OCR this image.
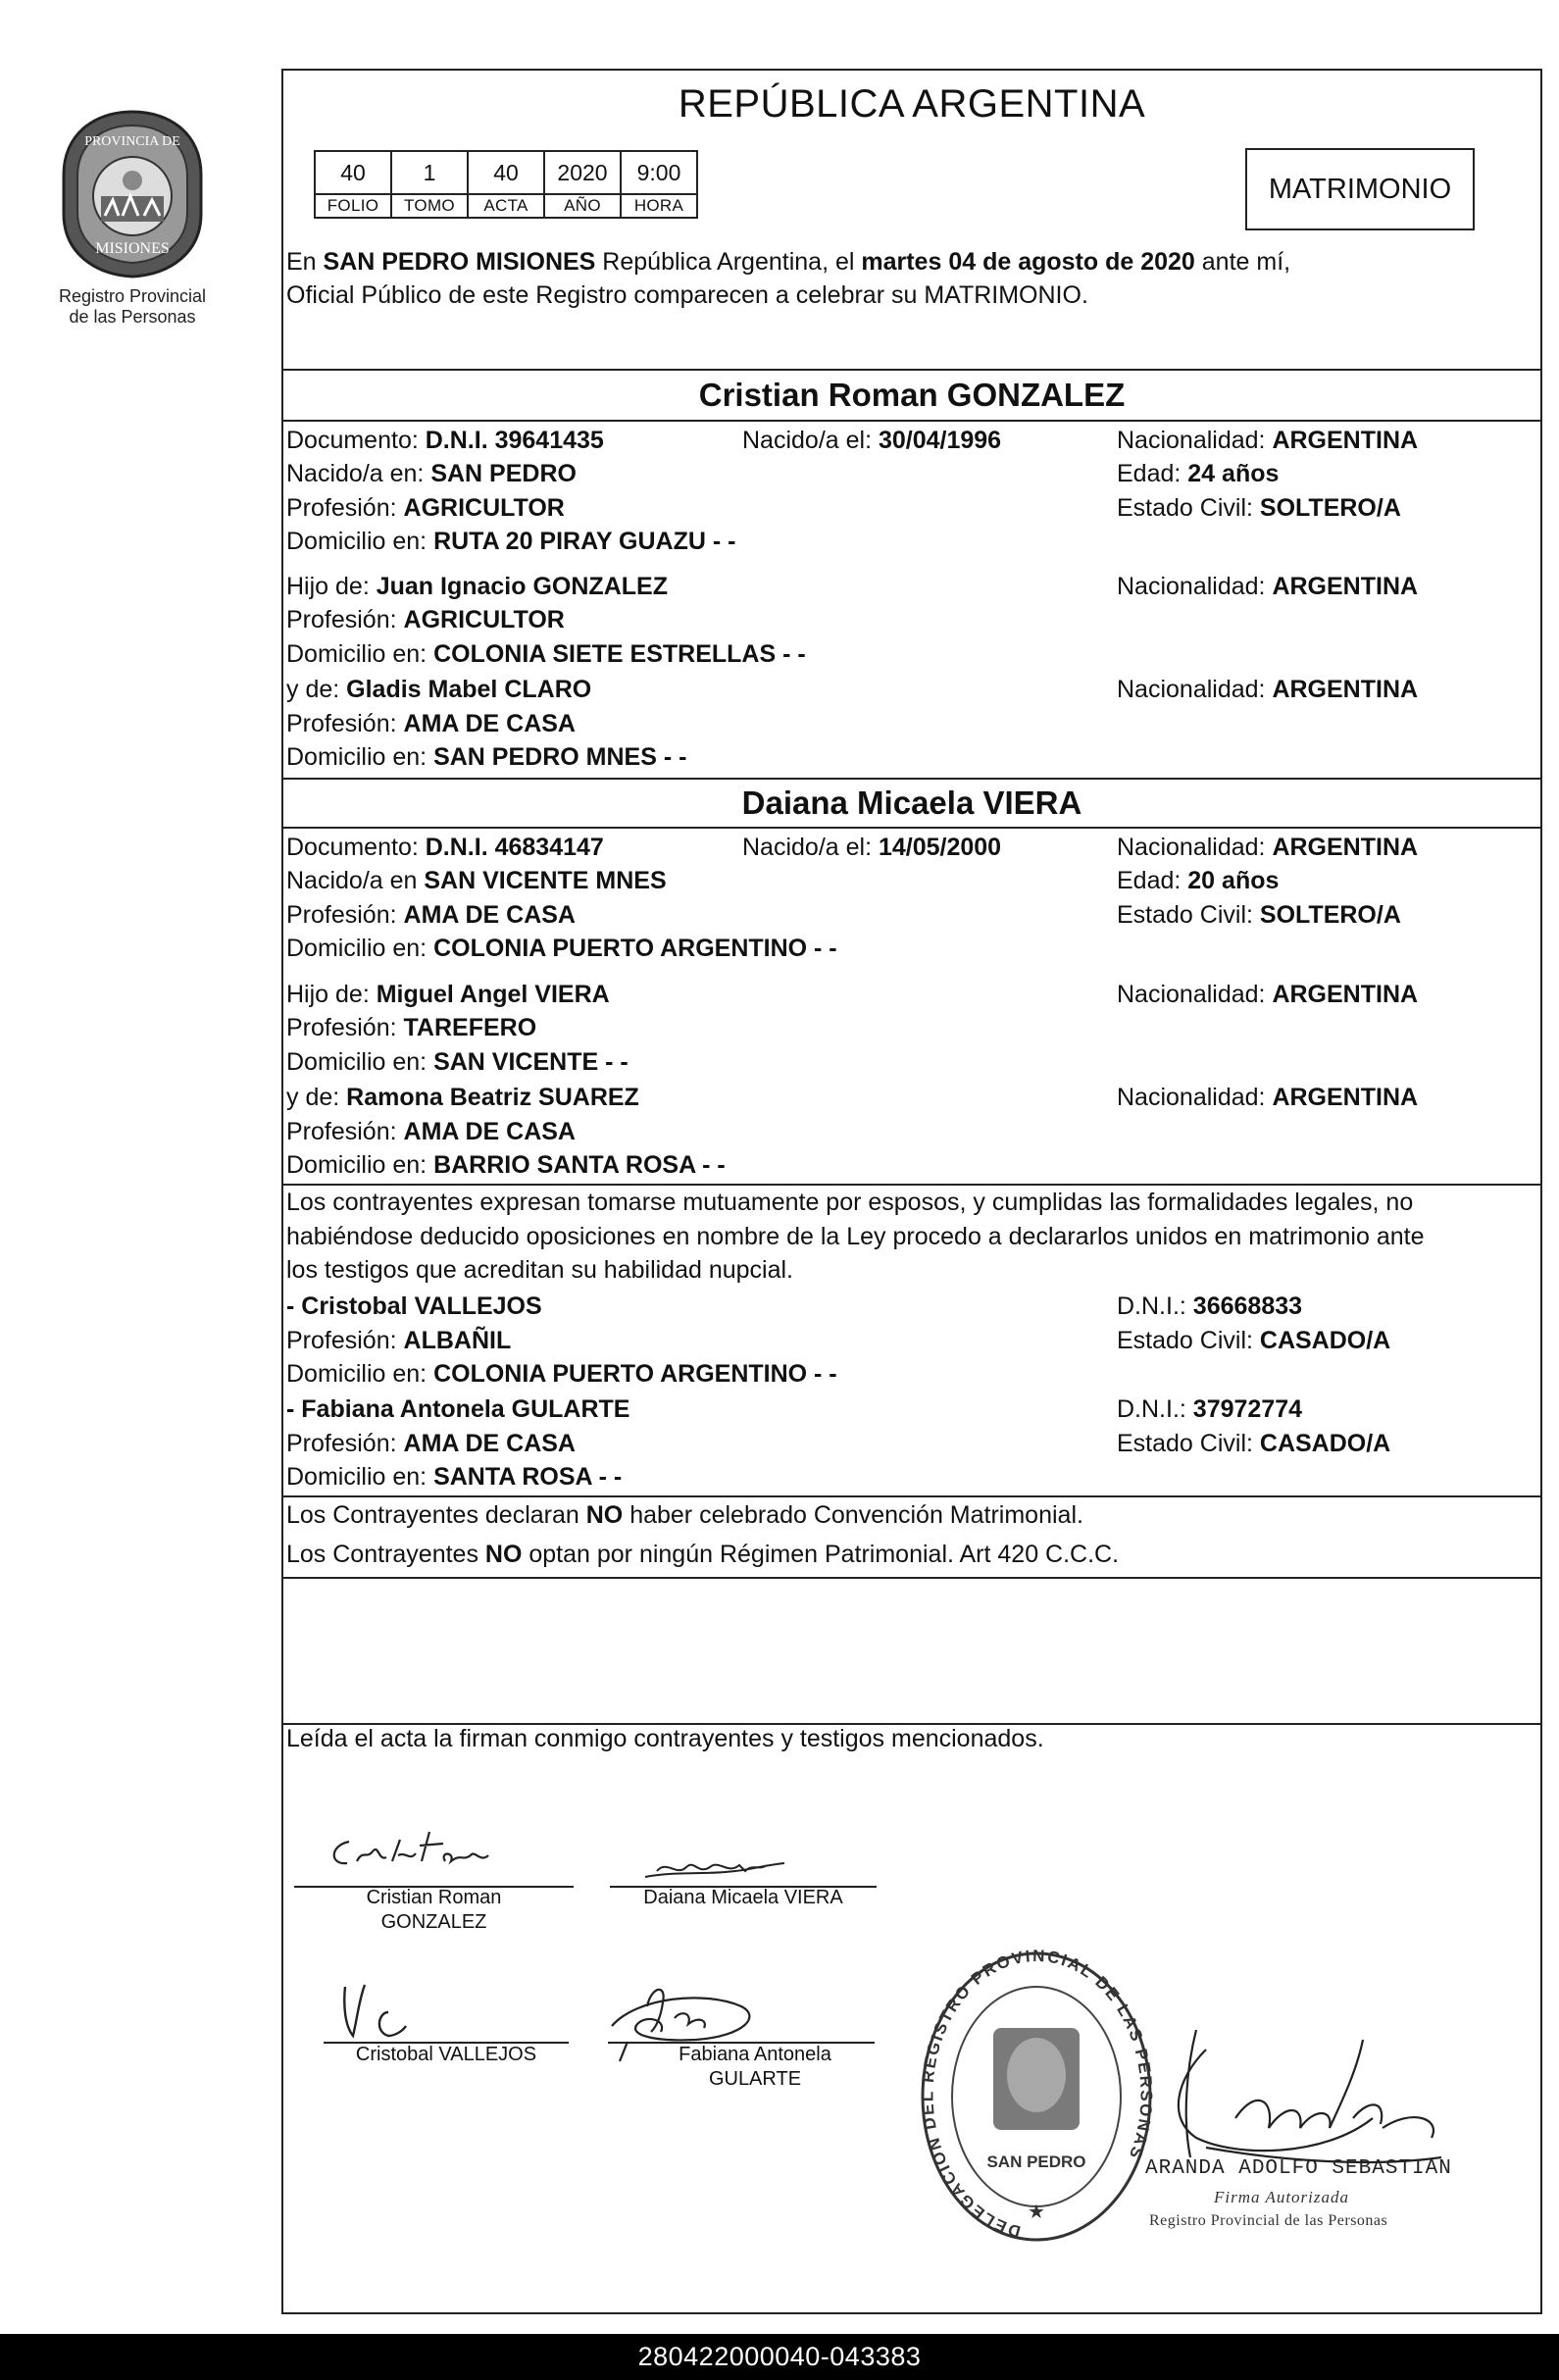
PROVINCIA DE
MISIONES
Registro Provincial
de las Personas
REPÚBLICA ARGENTINA
40	1	40	2020	9:00
FOLIO	TOMO	ACTA	AÑO	HORA
MATRIMONIO
En SAN PEDRO MISIONES República Argentina, el martes 04 de agosto de 2020 ante mí,
Oficial Público de este Registro comparecen a celebrar su MATRIMONIO.
Cristian Roman GONZALEZ
Documento: D.N.I. 39641435	Nacido/a el: 30/04/1996	Nacionalidad: ARGENTINA
Nacido/a en: SAN PEDRO	Edad: 24 años
Profesión: AGRICULTOR	Estado Civil: SOLTERO/A
Domicilio en: RUTA 20 PIRAY GUAZU - -
Hijo de: Juan Ignacio GONZALEZ	Nacionalidad: ARGENTINA
Profesión: AGRICULTOR
Domicilio en: COLONIA SIETE ESTRELLAS - -
y de: Gladis Mabel CLARO	Nacionalidad: ARGENTINA
Profesión: AMA DE CASA
Domicilio en: SAN PEDRO MNES - -
Daiana Micaela VIERA
Documento: D.N.I. 46834147	Nacido/a el: 14/05/2000	Nacionalidad: ARGENTINA
Nacido/a en SAN VICENTE MNES	Edad: 20 años
Profesión: AMA DE CASA	Estado Civil: SOLTERO/A
Domicilio en: COLONIA PUERTO ARGENTINO - -
Hijo de: Miguel Angel VIERA	Nacionalidad: ARGENTINA
Profesión: TAREFERO
Domicilio en: SAN VICENTE - -
y de: Ramona Beatriz SUAREZ	Nacionalidad: ARGENTINA
Profesión: AMA DE CASA
Domicilio en: BARRIO SANTA ROSA - -
Los contrayentes expresan tomarse mutuamente por esposos, y cumplidas las formalidades legales, no
habiéndose deducido oposiciones en nombre de la Ley procedo a declararlos unidos en matrimonio ante
los testigos que acreditan su habilidad nupcial.
- Cristobal VALLEJOS	D.N.I.: 36668833
Profesión: ALBAÑIL	Estado Civil: CASADO/A
Domicilio en: COLONIA PUERTO ARGENTINO - -
- Fabiana Antonela GULARTE	D.N.I.: 37972774
Profesión: AMA DE CASA	Estado Civil: CASADO/A
Domicilio en: SANTA ROSA - -
Los Contrayentes declaran NO haber celebrado Convención Matrimonial.
Los Contrayentes NO optan por ningún Régimen Patrimonial. Art 420 C.C.C.
Leída el acta la firman conmigo contrayentes y testigos mencionados.
Cristian Roman
GONZALEZ
Daiana Micaela VIERA
Cristobal VALLEJOS	Fabiana Antonela
GULARTE
DELEGACION DEL REGISTRO PROVINCIAL DE LAS PERSONAS
SAN PEDRO
★
ARANDA ADOLFO SEBASTIAN
Firma Autorizada
Registro Provincial de las Personas
280422000040-043383
